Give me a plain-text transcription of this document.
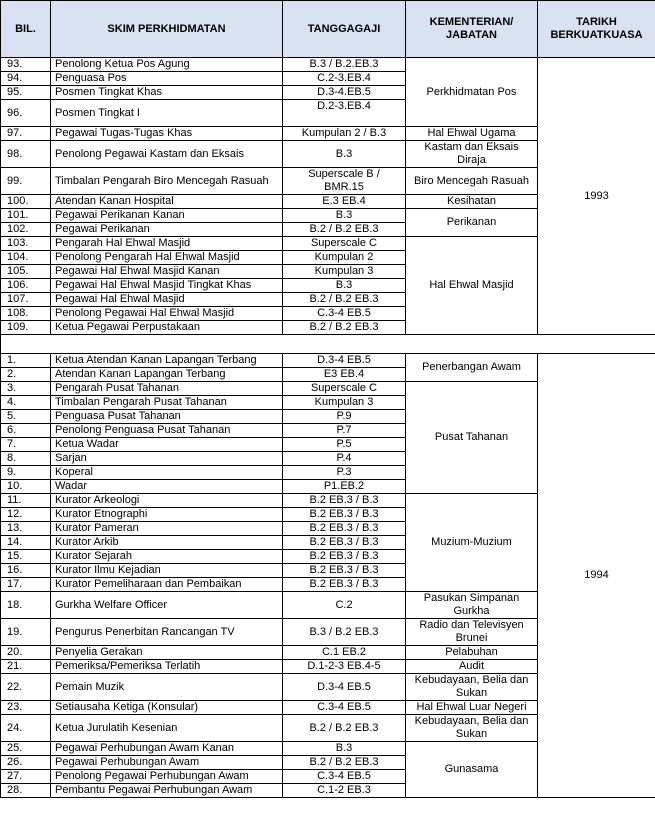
BIL.	SKIM PERKHIDMATAN	TANGGAGAJI	KEMENTERIAN/ JABATAN	TARIKH BERKUATKUASA
93.	Penolong Ketua Pos Agung	B.3 / B.2.EB.3	Perkhidmatan Pos	1993
94.	Penguasa Pos	C.2-3.EB.4		
95.	Posmen Tingkat Khas	D.3-4.EB.5		
96.	Posmen Tingkat I	D.2-3.EB.4		
97.	Pegawai Tugas-Tugas Khas	Kumpulan 2 / B.3	Hal Ehwal Ugama	
98.	Penolong Pegawai Kastam dan Eksais	B.3	Kastam dan Eksais Diraja	
99.	Timbalan Pengarah Biro Mencegah Rasuah	Superscale B / BMR.15	Biro Mencegah Rasuah	
100.	Atendan Kanan Hospital	E.3 EB.4	Kesihatan	
101.	Pegawai Perikanan Kanan	B.3	Perikanan	
102.	Pegawai Perikanan	B.2 / B.2 EB.3		
103.	Pengarah Hal Ehwal Masjid	Superscale C	Hal Ehwal Masjid	
104.	Penolong Pengarah Hal Ehwal Masjid	Kumpulan 2		
105.	Pegawai Hal Ehwal Masjid Kanan	Kumpulan 3		
106.	Pegawai Hal Ehwal Masjid Tingkat Khas	B.3		
107.	Pegawai Hal Ehwal Masjid	B.2 / B.2 EB.3		
108.	Penolong Pegawai Hal Ehwal Masjid	C.3-4 EB.5		
109.	Ketua Pegawai Perpustakaan	B.2 / B.2 EB.3		

1.	Ketua Atendan Kanan Lapangan Terbang	D.3-4 EB.5	Penerbangan Awam	1994
2.	Atendan Kanan Lapangan Terbang	E3 EB.4		
3.	Pengarah Pusat Tahanan	Superscale C	Pusat Tahanan	
4.	Timbalan Pengarah Pusat Tahanan	Kumpulan 3		
5.	Penguasa Pusat Tahanan	P.9		
6.	Penolong Penguasa Pusat Tahanan	P.7		
7.	Ketua Wadar	P.5		
8.	Sarjan	P.4		
9.	Koperal	P.3		
10.	Wadar	P1.EB.2		
11.	Kurator Arkeologi	B.2 EB.3 / B.3	Muzium-Muzium	
12.	Kurator Etnographi	B.2 EB.3 / B.3		
13.	Kurator Pameran	B.2 EB.3 / B.3		
14.	Kurator Arkib	B.2 EB.3 / B.3		
15.	Kurator Sejarah	B.2 EB.3 / B.3		
16.	Kurator Ilmu Kejadian	B.2 EB.3 / B.3		
17.	Kurator Pemeliharaan dan Pembaikan	B.2 EB.3 / B.3		
18.	Gurkha Welfare Officer	C.2	Pasukan Simpanan Gurkha	
19.	Pengurus Penerbitan Rancangan TV	B.3 / B.2 EB.3	Radio dan Televisyen Brunei	
20.	Penyelia Gerakan	C.1 EB.2	Pelabuhan	
21.	Pemeriksa/Pemeriksa Terlatih	D.1-2-3 EB.4-5	Audit	
22.	Pemain Muzik	D.3-4 EB.5	Kebudayaan, Belia dan Sukan	
23.	Setiausaha Ketiga (Konsular)	C.3-4 EB.5	Hal Ehwal Luar Negeri	
24.	Ketua Jurulatih Kesenian	B.2 / B.2 EB.3	Kebudayaan, Belia dan Sukan	
25.	Pegawai Perhubungan Awam Kanan	B.3	Gunasama	
26.	Pegawai Perhubungan Awam	B.2 / B.2 EB.3		
27.	Penolong Pegawai Perhubungan Awam	C.3-4 EB.5		
28.	Pembantu Pegawai Perhubungan Awam	C.1-2 EB.3		
